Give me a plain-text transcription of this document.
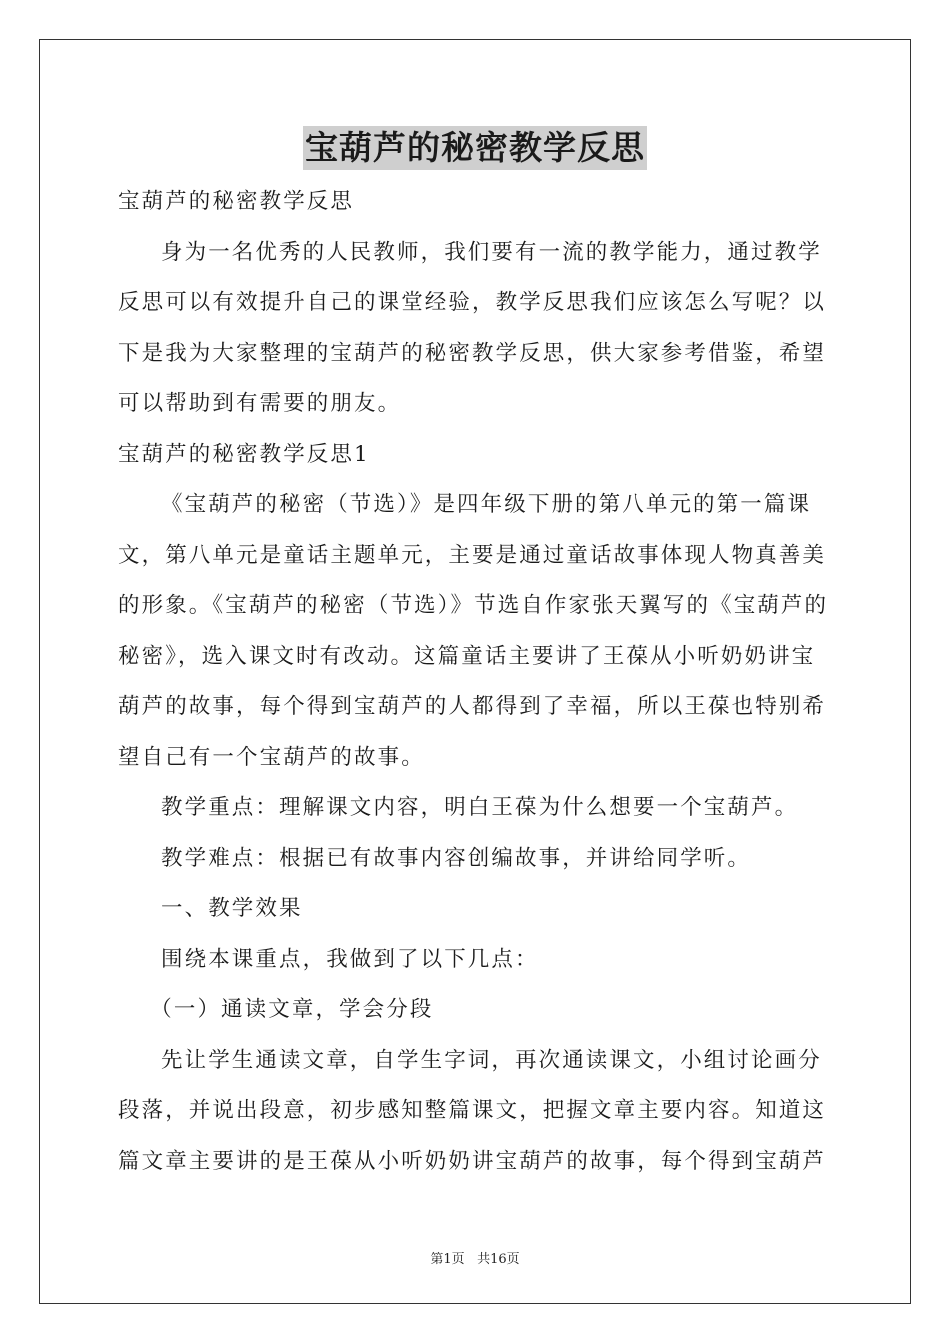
宝葫芦的秘密教学反思

宝葫芦的秘密教学反思

身为一名优秀的人民教师，我们要有一流的教学能力，通过教学反思可以有效提升自己的课堂经验，教学反思我们应该怎么写呢？以下是我为大家整理的宝葫芦的秘密教学反思，供大家参考借鉴，希望可以帮助到有需要的朋友。

宝葫芦的秘密教学反思1

《宝葫芦的秘密（节选）》是四年级下册的第八单元的第一篇课文，第八单元是童话主题单元，主要是通过童话故事体现人物真善美的形象。《宝葫芦的秘密（节选）》节选自作家张天翼写的《宝葫芦的秘密》，选入课文时有改动。这篇童话主要讲了王葆从小听奶奶讲宝葫芦的故事，每个得到宝葫芦的人都得到了幸福，所以王葆也特别希望自己有一个宝葫芦的故事。

教学重点：理解课文内容，明白王葆为什么想要一个宝葫芦。

教学难点：根据已有故事内容创编故事，并讲给同学听。

一、教学效果

围绕本课重点，我做到了以下几点：

（一）通读文章，学会分段

先让学生通读文章，自学生字词，再次通读课文，小组讨论画分段落，并说出段意，初步感知整篇课文，把握文章主要内容。知道这篇文章主要讲的是王葆从小听奶奶讲宝葫芦的故事，每个得到宝葫芦

第1页 共16页
